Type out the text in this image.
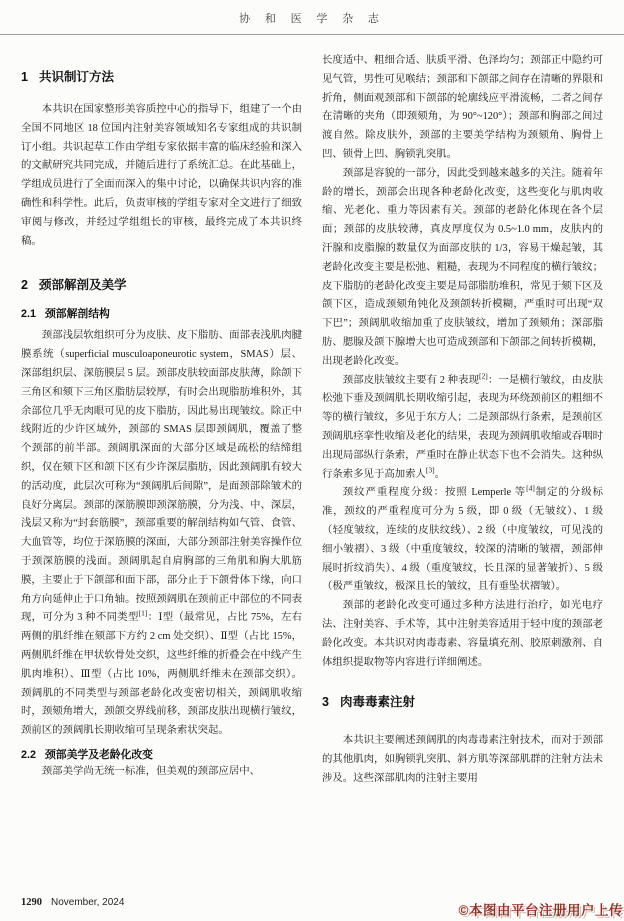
协 和 医 学 杂 志
1 共识制订方法

本共识在国家整形美容质控中心的指导下，组建了一个由全国不同地区 18 位国内注射美容领域知名专家组成的共识制订小组。共识起草工作由学组专家依据丰富的临床经验和深入的文献研究共同完成，并随后进行了系统汇总。在此基础上，学组成员进行了全面而深入的集中讨论，以确保共识内容的准确性和科学性。此后，负责审核的学组专家对全文进行了细致审阅与修改，并经过学组组长的审核，最终完成了本共识终稿。

2 颈部解剖及美学
2.1 颈部解剖结构

颈部浅层软组织可分为皮肤、皮下脂肪、面部表浅肌肉腱膜系统（superficial musculoaponeurotic system，SMAS）层、深部组织层、深筋膜层 5 层。颈部皮肤较面部皮肤薄，除颌下三角区和颏下三角区脂肪层较厚，有时会出现脂肪堆积外，其余部位几乎无肉眼可见的皮下脂肪，因此易出现皱纹。除正中线附近的少许区域外，颈部的 SMAS 层即颈阔肌，覆盖了整个颈部的前半部。颈阔肌深面的大部分区域是疏松的结缔组织，仅在颏下区和颌下区有少许深层脂肪，因此颈阔肌有较大的活动度，此层次可称为“颈阔肌后间隙”，是面颈部除皱术的良好分离层。颈部的深筋膜即颈深筋膜，分为浅、中、深层，浅层又称为“封套筋膜”，颈部重要的解剖结构如气管、食管、大血管等，均位于深筋膜的深面，大部分颈部注射美容操作位于颈深筋膜的浅面。颈阔肌起自肩胸部的三角肌和胸大肌筋膜，主要止于下颌部和面下部，部分止于下颌骨体下缘，向口角方向延伸止于口角轴。按照颈阔肌在颈前正中部位的不同表现，可分为 3 种不同类型[1]：Ⅰ型（最常见，占比 75%，左右两侧的肌纤维在颏部下方约 2 cm 处交织）、Ⅱ型（占比 15%，两侧肌纤维在甲状软骨处交织，这些纤维的折叠会在中线产生肌肉堆积）、Ⅲ型（占比 10%，两侧肌纤维未在颈部交织）。颈阔肌的不同类型与颈部老龄化改变密切相关，颈阔肌收缩时，颈颏角增大，颈颌交界线前移，颈部皮肤出现横行皱纹，颈前区的颈阔肌长期收缩可呈现条索状突起。

2.2 颈部美学及老龄化改变

颈部美学尚无统一标准，但美观的颈部应居中、

长度适中、粗细合适、肤质平滑、色泽均匀；颈部正中隐约可见气管，男性可见喉结；颈部和下颌部之间存在清晰的界限和折角，侧面观颈部和下颌部的轮廓线应平滑流畅，二者之间存在清晰的夹角（即颈颏角，为 90°~120°）；颈部和胸部之间过渡自然。除皮肤外，颈部的主要美学结构为颈颏角、胸骨上凹、锁骨上凹、胸锁乳突肌。

颈部是容貌的一部分，因此受到越来越多的关注。随着年龄的增长，颈部会出现各种老龄化改变，这些变化与肌肉收缩、光老化、重力等因素有关。颈部的老龄化体现在各个层面；颈部的皮肤较薄，真皮厚度仅为 0.5~1.0 mm，皮肤内的汗腺和皮脂腺的数量仅为面部皮肤的 1/3，容易干燥起皱，其老龄化改变主要是松弛、粗糙，表现为不同程度的横行皱纹；皮下脂肪的老龄化改变主要是局部脂肪堆积，常见于颏下区及颌下区，造成颈颏角钝化及颈颌转折模糊，严重时可出现“双下巴”；颈阔肌收缩加重了皮肤皱纹，增加了颈颏角；深部脂肪、腮腺及颌下腺增大也可造成颈部和下颌部之间转折模糊，出现老龄化改变。

颈部皮肤皱纹主要有 2 种表现[2]：一是横行皱纹，由皮肤松弛下垂及颈阔肌长期收缩引起，表现为环绕颈前区的粗细不等的横行皱纹，多见于东方人；二是颈部纵行条索，是颈前区颈阔肌痉挛性收缩及老化的结果，表现为颈阔肌收缩或吞咽时出现局部纵行条索，严重时在静止状态下也不会消失。这种纵行条索多见于高加索人[3]。

颈纹严重程度分级：按照 Lemperle 等[4]制定的分级标准，颈纹的严重程度可分为 5 级，即 0 级（无皱纹）、1 级（轻度皱纹，连续的皮肤纹线）、2 级（中度皱纹，可见浅的细小皱褶）、3 级（中重度皱纹，较深的清晰的皱褶，颈部伸展时折纹消失）、4 级（重度皱纹，长且深的显著皱折）、5 级（极严重皱纹，极深且长的皱纹，且有垂坠状褶皱）。

颈部的老龄化改变可通过多种方法进行治疗，如光电疗法、注射美容、手术等，其中注射美容适用于轻中度的颈部老龄化改变。本共识对肉毒毒素、容量填充剂、胶原刺激剂、自体组织提取物等内容进行详细阐述。

3 肉毒毒素注射

本共识主要阐述颈阔肌的肉毒毒素注射技术，而对于颈部的其他肌肉，如胸锁乳突肌、斜方肌等深部肌群的注射方法未涉及。这些深部肌肉的注射主要用

1290 November, 2024
©本图由平台注册用户上传
